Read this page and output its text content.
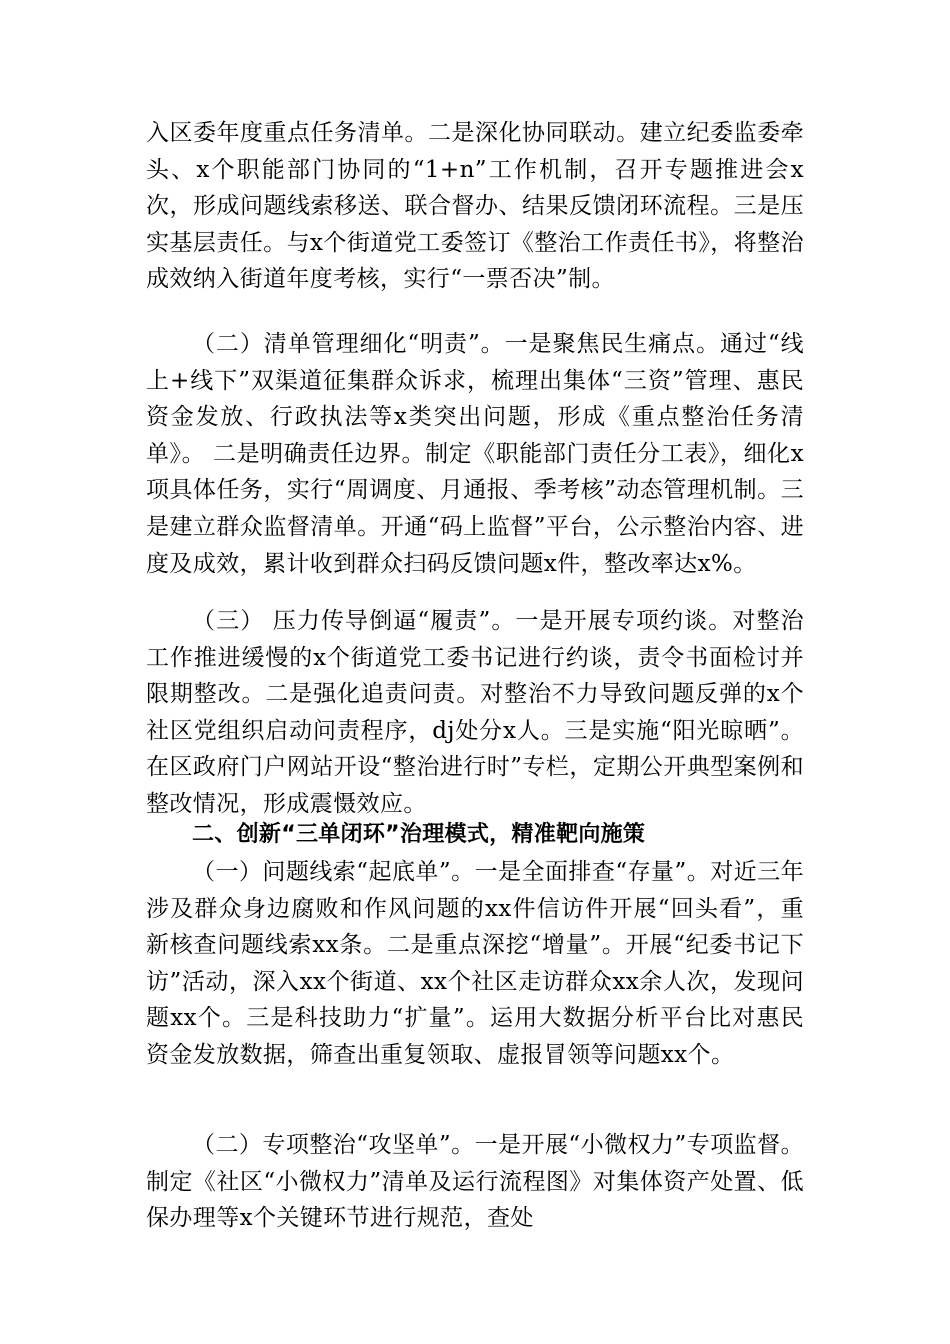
入区委年度重点任务清单。二是深化协同联动。建立纪委监委牵头、x个职能部门协同的“1+n”工作机制，召开专题推进会x次，形成问题线索移送、联合督办、结果反馈闭环流程。三是压实基层责任。与x个街道党工委签订《整治工作责任书》，将整治成效纳入街道年度考核，实行“一票否决”制。

（二）清单管理细化“明责”。一是聚焦民生痛点。通过“线上+线下”双渠道征集群众诉求，梳理出集体“三资”管理、惠民资金发放、行政执法等x类突出问题，形成《重点整治任务清单》。 二是明确责任边界。制定《职能部门责任分工表》，细化x项具体任务，实行“周调度、月通报、季考核”动态管理机制。三是建立群众监督清单。开通“码上监督”平台，公示整治内容、进度及成效，累计收到群众扫码反馈问题x件，整改率达x%。

（三） 压力传导倒逼“履责”。一是开展专项约谈。对整治工作推进缓慢的x个街道党工委书记进行约谈，责令书面检讨并限期整改。二是强化追责问责。对整治不力导致问题反弹的x个社区党组织启动问责程序，dj处分x人。三是实施“阳光晾晒”。在区政府门户网站开设“整治进行时”专栏，定期公开典型案例和整改情况，形成震慑效应。

二、创新“三单闭环”治理模式，精准靶向施策

（一）问题线索“起底单”。一是全面排查“存量”。对近三年涉及群众身边腐败和作风问题的xx件信访件开展“回头看”，重新核查问题线索xx条。二是重点深挖“增量”。开展“纪委书记下访”活动，深入xx个街道、xx个社区走访群众xx余人次，发现问题xx个。三是科技助力“扩量”。运用大数据分析平台比对惠民资金发放数据，筛查出重复领取、虚报冒领等问题xx个。

（二）专项整治“攻坚单”。一是开展“小微权力”专项监督。制定《社区“小微权力”清单及运行流程图》对集体资产处置、低保办理等x个关键环节进行规范，查处
